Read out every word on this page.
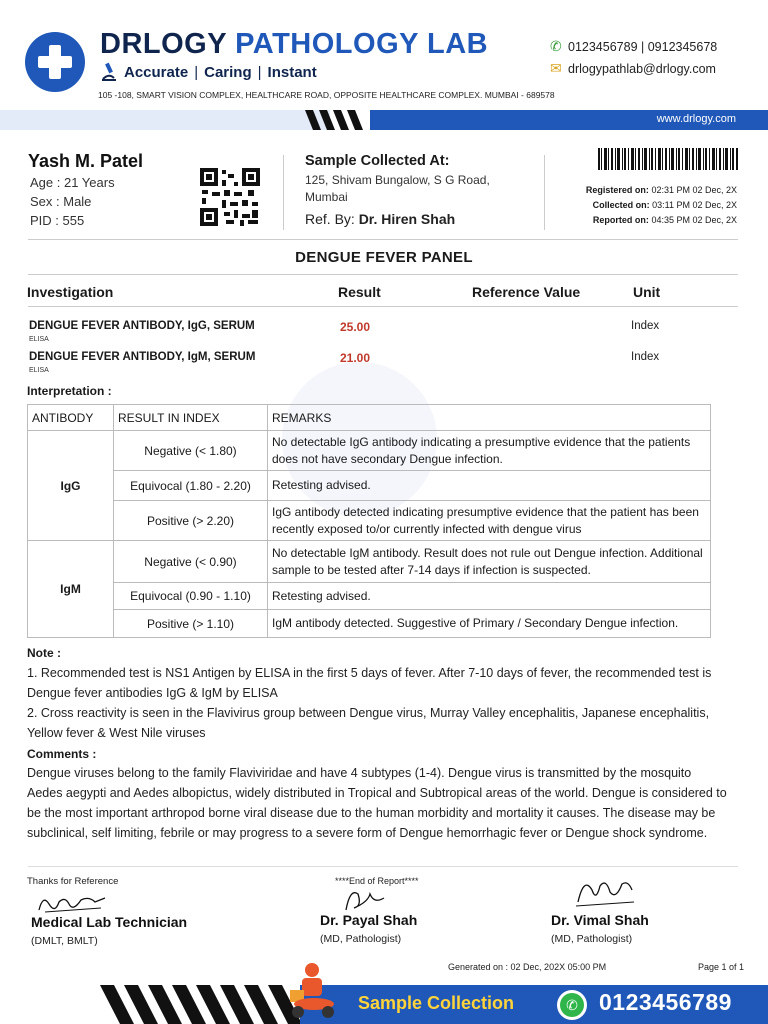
DRLOGY PATHOLOGY LAB
Accurate | Caring | Instant
105 -108, SMART VISION COMPLEX, HEALTHCARE ROAD, OPPOSITE HEALTHCARE COMPLEX. MUMBAI - 689578
✆ 0123456789 | 0912345678
✉ drlogypathlab@drlogy.com
www.drlogy.com
Yash M. Patel
Age : 21 Years
Sex : Male
PID : 555
Sample Collected At:
125, Shivam Bungalow, S G Road,
Mumbai
Ref. By: Dr. Hiren Shah
Registered on: 02:31 PM 02 Dec, 2X
Collected on: 03:11 PM 02 Dec, 2X
Reported on: 04:35 PM 02 Dec, 2X
DENGUE FEVER PANEL
Investigation	Result	Reference Value	Unit
DENGUE FEVER ANTIBODY, IgG, SERUM
ELISA
25.00	Index
DENGUE FEVER ANTIBODY, IgM, SERUM
ELISA
21.00	Index
Interpretation :
ANTIBODY	RESULT IN INDEX	REMARKS
IgG	Negative (< 1.80)	No detectable IgG antibody indicating a presumptive evidence that the patients does not have secondary Dengue infection.
	Equivocal (1.80 - 2.20)	Retesting advised.
	Positive (> 2.20)	IgG antibody detected indicating presumptive evidence that the patient has been recently exposed to/or currently infected with dengue virus
IgM	Negative (< 0.90)	No detectable IgM antibody. Result does not rule out Dengue infection. Additional sample to be tested after 7-14 days if infection is suspected.
	Equivocal (0.90 - 1.10)	Retesting advised.
	Positive (> 1.10)	IgM antibody detected. Suggestive of Primary / Secondary Dengue infection.
Note :
1. Recommended test is NS1 Antigen by ELISA in the first 5 days of fever. After 7-10 days of fever, the recommended test is Dengue fever antibodies IgG & IgM by ELISA
2. Cross reactivity is seen in the Flavivirus group between Dengue virus, Murray Valley encephalitis, Japanese encephalitis, Yellow fever & West Nile viruses
Comments :
Dengue viruses belong to the family Flaviviridae and have 4 subtypes (1-4). Dengue virus is transmitted by the mosquito Aedes aegypti and Aedes albopictus, widely distributed in Tropical and Subtropical areas of the world. Dengue is considered to be the most important arthropod borne viral disease due to the human morbidity and mortality it causes. The disease may be subclinical, self limiting, febrile or may progress to a severe form of Dengue hemorrhagic fever or Dengue shock syndrome.
Thanks for Reference	****End of Report****
Medical Lab Technician
(DMLT, BMLT)
Dr. Payal Shah
(MD, Pathologist)
Dr. Vimal Shah
(MD, Pathologist)
Generated on : 02 Dec, 202X 05:00 PM	Page 1 of 1
Sample Collection	✆ 0123456789
